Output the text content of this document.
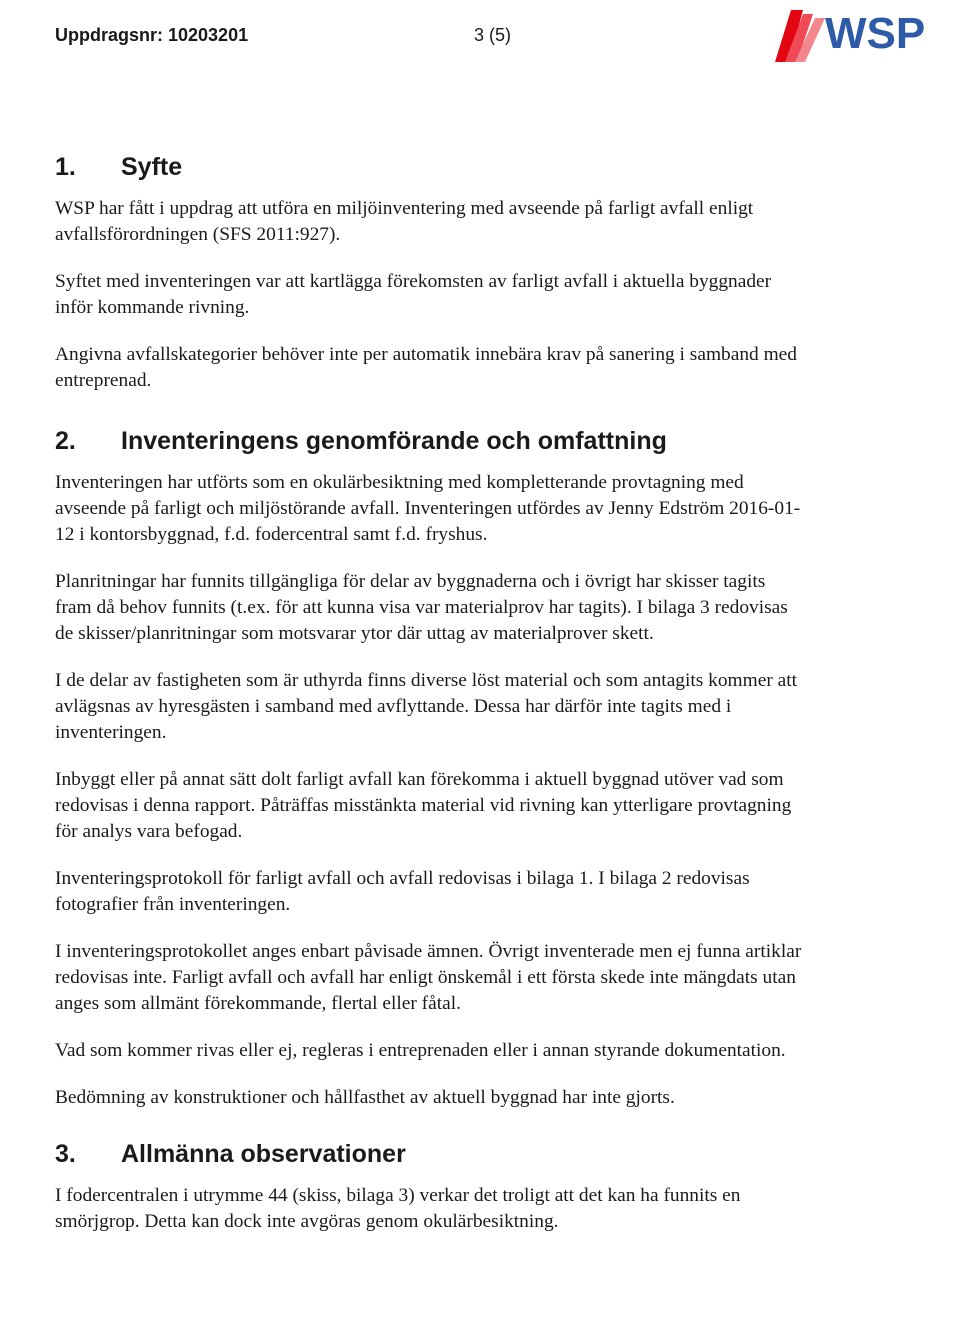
Uppdragsnr: 10203201	3 (5)	WSP
1. Syfte

WSP har fått i uppdrag att utföra en miljöinventering med avseende på farligt avfall enligt avfallsförordningen (SFS 2011:927).

Syftet med inventeringen var att kartlägga förekomsten av farligt avfall i aktuella byggnader inför kommande rivning.

Angivna avfallskategorier behöver inte per automatik innebära krav på sanering i samband med entreprenad.

2. Inventeringens genomförande och omfattning

Inventeringen har utförts som en okulärbesiktning med kompletterande provtagning med avseende på farligt och miljöstörande avfall. Inventeringen utfördes av Jenny Edström 2016-01-12 i kontorsbyggnad, f.d. fodercentral samt f.d. fryshus.

Planritningar har funnits tillgängliga för delar av byggnaderna och i övrigt har skisser tagits fram då behov funnits (t.ex. för att kunna visa var materialprov har tagits). I bilaga 3 redovisas de skisser/planritningar som motsvarar ytor där uttag av materialprover skett.

I de delar av fastigheten som är uthyrda finns diverse löst material och som antagits kommer att avlägsnas av hyresgästen i samband med avflyttande. Dessa har därför inte tagits med i inventeringen.

Inbyggt eller på annat sätt dolt farligt avfall kan förekomma i aktuell byggnad utöver vad som redovisas i denna rapport. Påträffas misstänkta material vid rivning kan ytterligare provtagning för analys vara befogad.

Inventeringsprotokoll för farligt avfall och avfall redovisas i bilaga 1. I bilaga 2 redovisas fotografier från inventeringen.

I inventeringsprotokollet anges enbart påvisade ämnen. Övrigt inventerade men ej funna artiklar redovisas inte. Farligt avfall och avfall har enligt önskemål i ett första skede inte mängdats utan anges som allmänt förekommande, flertal eller fåtal.

Vad som kommer rivas eller ej, regleras i entreprenaden eller i annan styrande dokumentation.

Bedömning av konstruktioner och hållfasthet av aktuell byggnad har inte gjorts.

3. Allmänna observationer

I fodercentralen i utrymme 44 (skiss, bilaga 3) verkar det troligt att det kan ha funnits en smörjgrop. Detta kan dock inte avgöras genom okulärbesiktning.
